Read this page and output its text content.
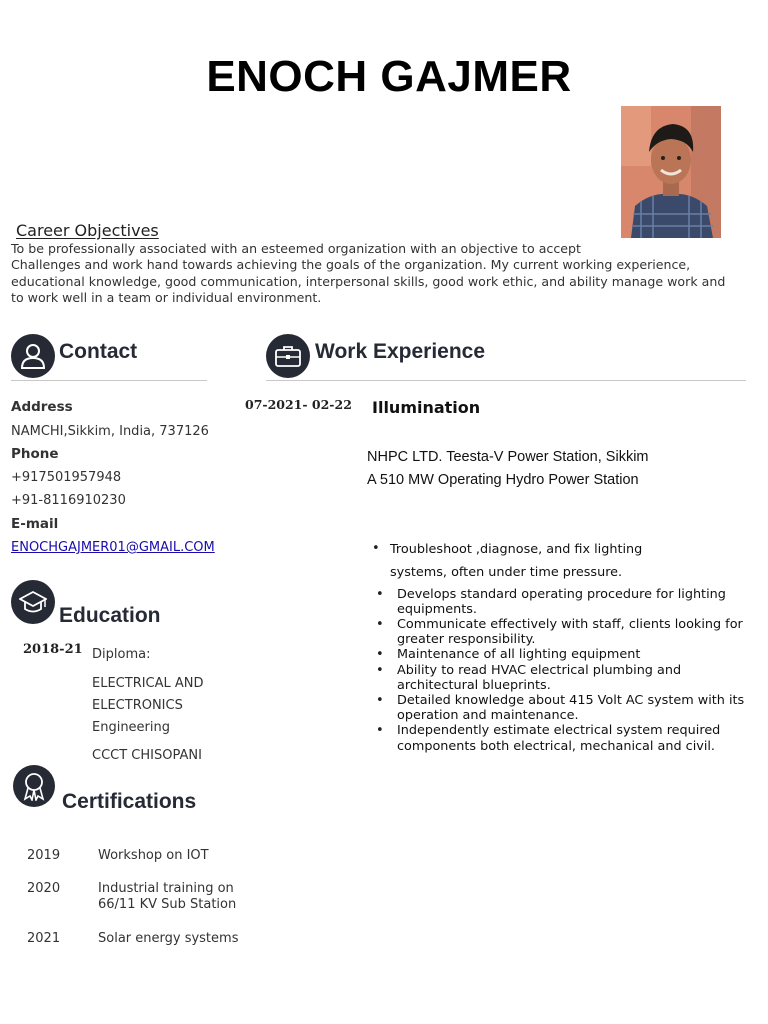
ENOCH GAJMER
Career Objectives
To be professionally associated with an esteemed organization with an objective to accept
Challenges and work hand towards achieving the goals of the organization. My current working experience,
educational knowledge, good communication, interpersonal skills, good work ethic, and ability manage work and
to work well in a team or individual environment.
Contact
Address
NAMCHI,Sikkim, India, 737126
Phone
+917501957948
+91-8116910230
E-mail
ENOCHGAJMER01@GMAIL.COM
Education
2018-21 Diploma:
ELECTRICAL AND
ELECTRONICS
Engineering
CCCT CHISOPANI
Certifications
2019	Workshop on IOT
2020	Industrial training on
66/11 KV Sub Station
2021	Solar energy systems
Work Experience
07-2021- 02-22 Illumination
NHPC LTD. Teesta-V Power Station, Sikkim
A 510 MW Operating Hydro Power Station
• Troubleshoot ,diagnose, and fix lighting
systems, often under time pressure.
• Develops standard operating procedure for lighting
equipments.
• Communicate effectively with staff, clients looking for
greater responsibility.
• Maintenance of all lighting equipment
• Ability to read HVAC electrical plumbing and
architectural blueprints.
• Detailed knowledge about 415 Volt AC system with its
operation and maintenance.
• Independently estimate electrical system required
components both electrical, mechanical and civil.
